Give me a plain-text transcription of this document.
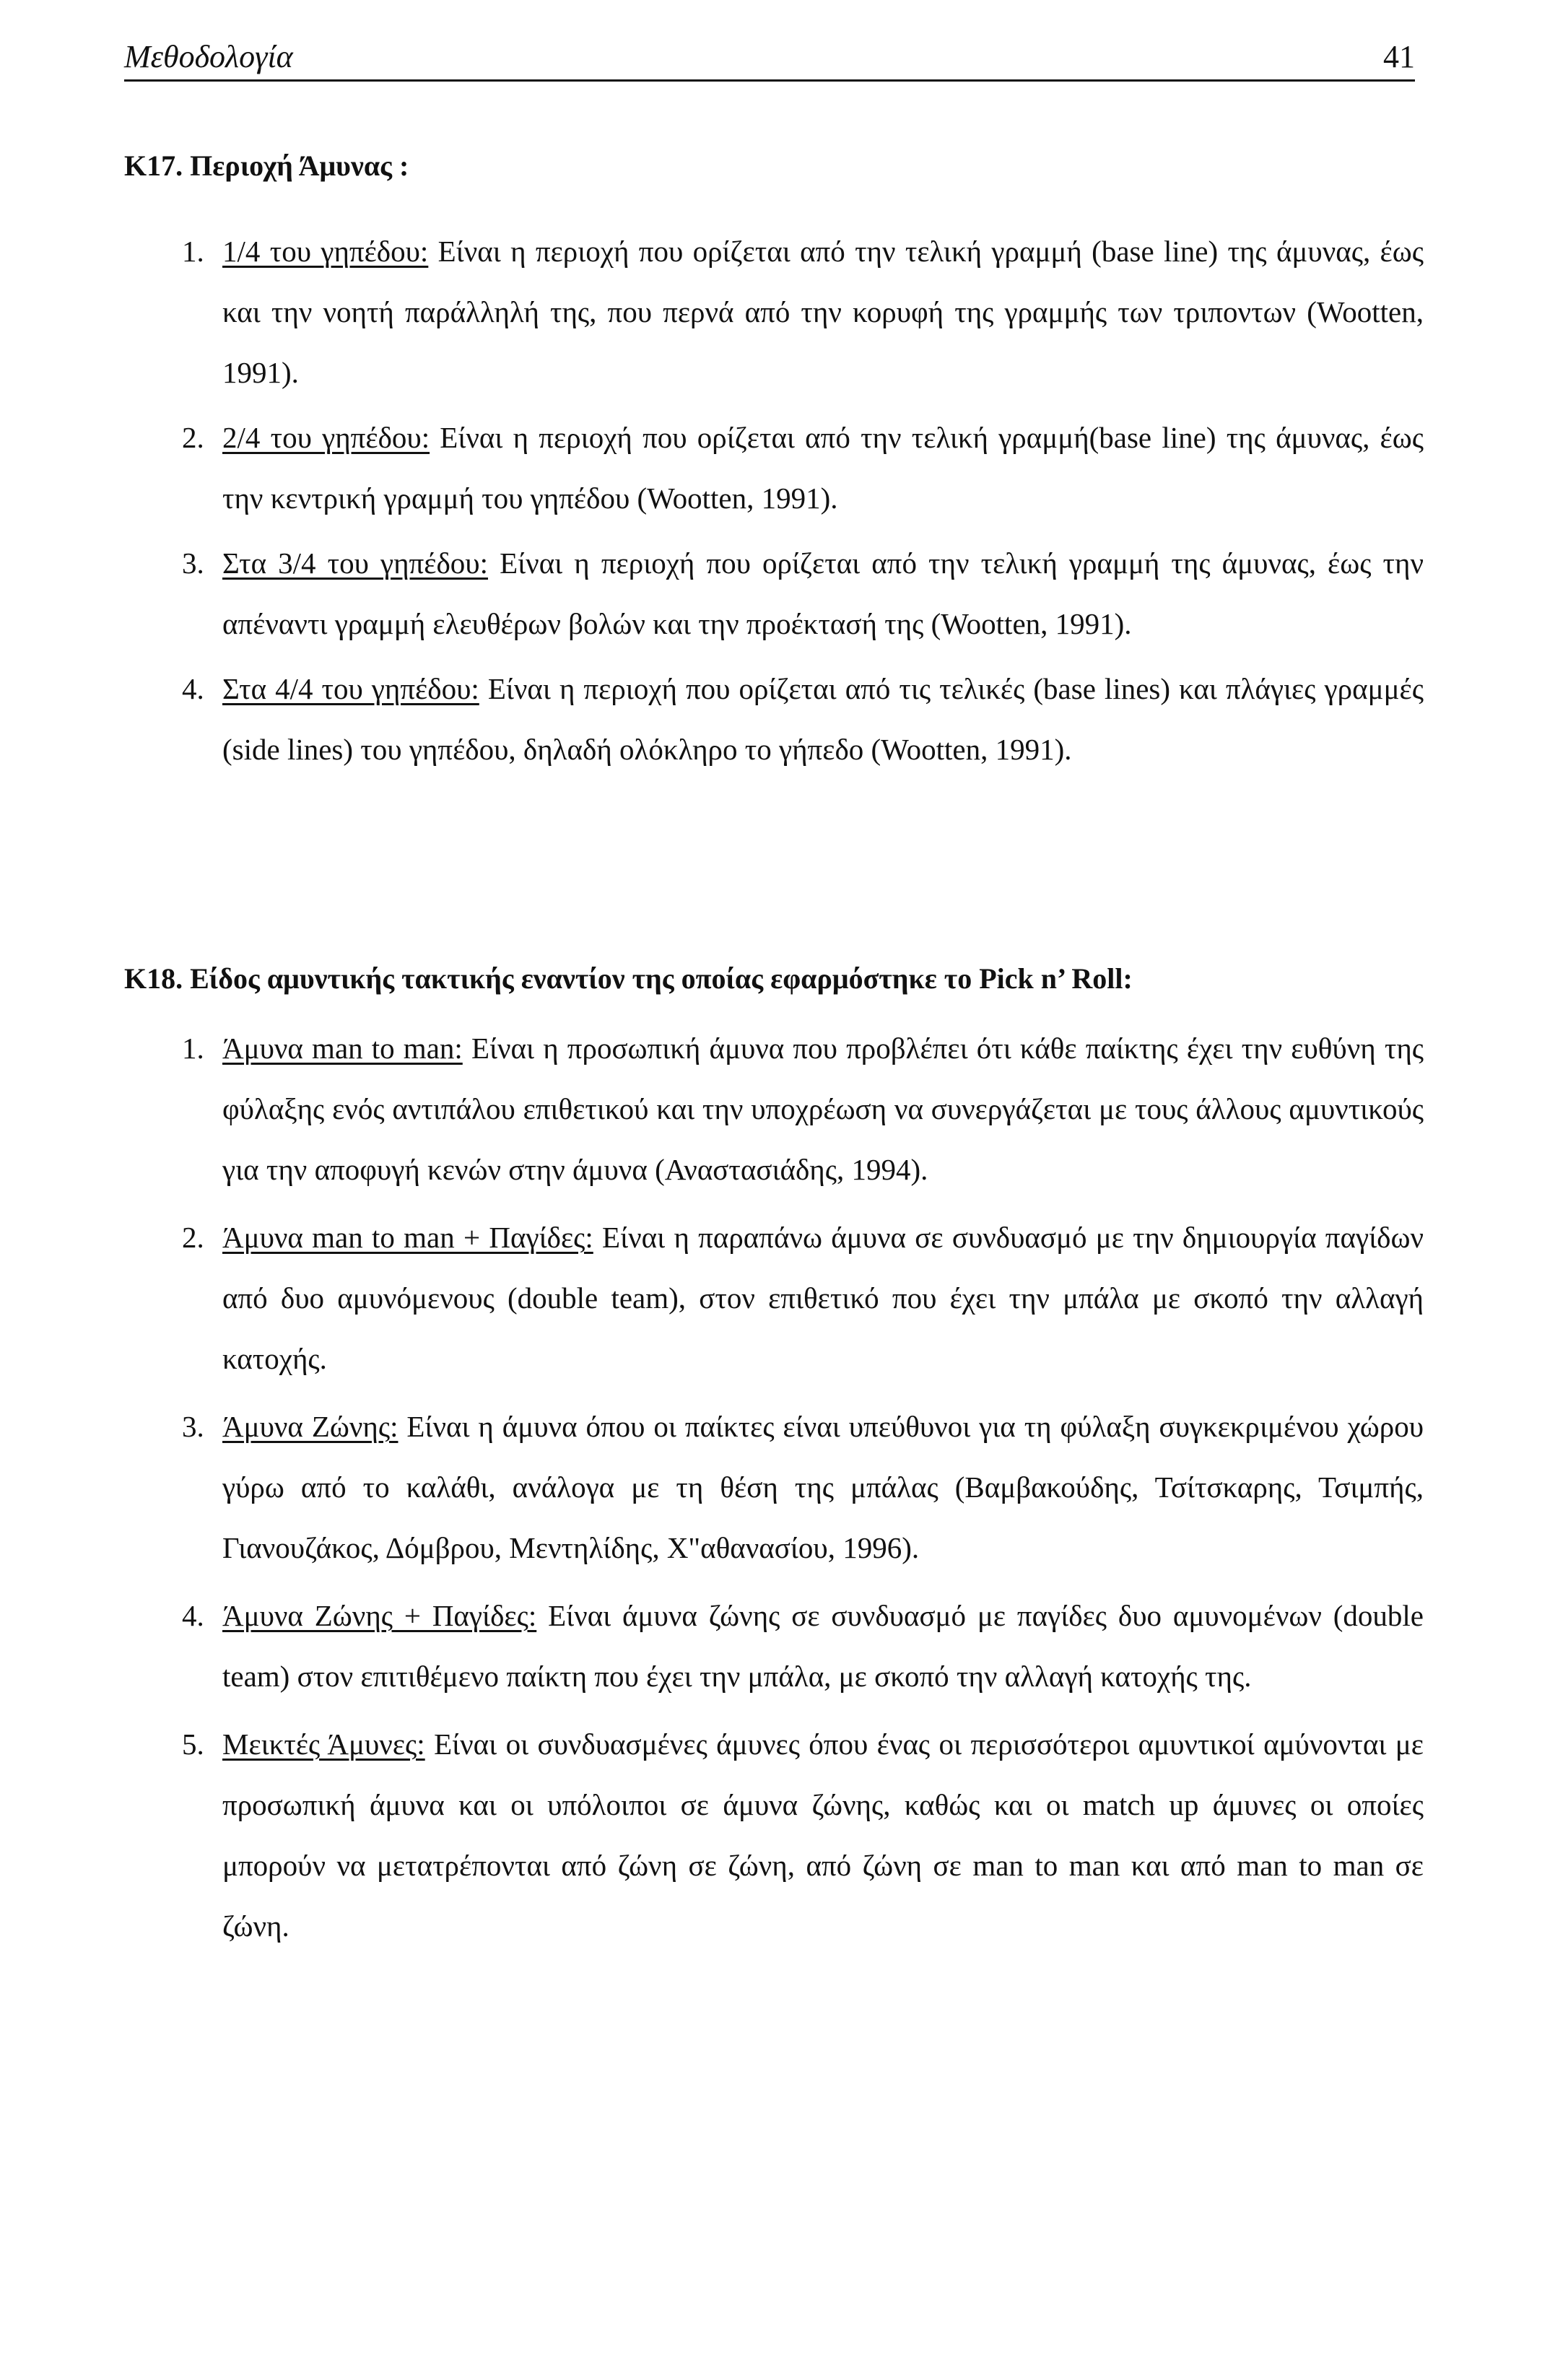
Μεθοδολογία	41
K17. Περιοχή Άμυνας :
1. 1/4 του γηπέδου: Είναι η περιοχή που ορίζεται από την τελική γραμμή (base line) της άμυνας, έως και την νοητή παράλληλή της, που περνά από την κορυφή της γραμμής των τριποντων (Wootten, 1991).
2. 2/4 του γηπέδου: Είναι η περιοχή που ορίζεται από την τελική γραμμή(base line) της άμυνας, έως την κεντρική γραμμή του γηπέδου (Wootten, 1991).
3. Στα 3/4 του γηπέδου: Είναι η περιοχή που ορίζεται από την τελική γραμμή της άμυνας, έως την απέναντι γραμμή ελευθέρων βολών και την προέκτασή της (Wootten, 1991).
4. Στα 4/4 του γηπέδου: Είναι η περιοχή που ορίζεται από τις τελικές (base lines) και πλάγιες γραμμές (side lines) του γηπέδου, δηλαδή ολόκληρο το γήπεδο (Wootten, 1991).
K18. Είδος αμυντικής τακτικής εναντίον της οποίας εφαρμόστηκε το Pick n’ Roll:
1. Άμυνα man to man: Είναι η προσωπική άμυνα που προβλέπει ότι κάθε παίκτης έχει την ευθύνη της φύλαξης ενός αντιπάλου επιθετικού και την υποχρέωση να συνεργάζεται με τους άλλους αμυντικούς για την αποφυγή κενών στην άμυνα (Αναστασιάδης, 1994).
2. Άμυνα man to man + Παγίδες: Είναι η παραπάνω άμυνα σε συνδυασμό με την δημιουργία παγίδων από δυο αμυνόμενους (double team), στον επιθετικό που έχει την μπάλα με σκοπό την αλλαγή κατοχής.
3. Άμυνα Ζώνης: Είναι η άμυνα όπου οι παίκτες είναι υπεύθυνοι για τη φύλαξη συγκεκριμένου χώρου γύρω από το καλάθι, ανάλογα με τη θέση της μπάλας (Βαμβακούδης, Τσίτσκαρης, Τσιμπής, Γιανουζάκος, Δόμβρου, Μεντηλίδης, Χ"αθανασίου, 1996).
4. Άμυνα Ζώνης + Παγίδες: Είναι άμυνα ζώνης σε συνδυασμό με παγίδες δυο αμυνομένων (double team) στον επιτιθέμενο παίκτη που έχει την μπάλα, με σκοπό την αλλαγή κατοχής της.
5. Μεικτές Άμυνες: Είναι οι συνδυασμένες άμυνες όπου ένας οι περισσότεροι αμυντικοί αμύνονται με προσωπική άμυνα και οι υπόλοιποι σε άμυνα ζώνης, καθώς και οι match up άμυνες οι οποίες μπορούν να μετατρέπονται από ζώνη σε ζώνη, από ζώνη σε man to man και από man to man σε ζώνη.
